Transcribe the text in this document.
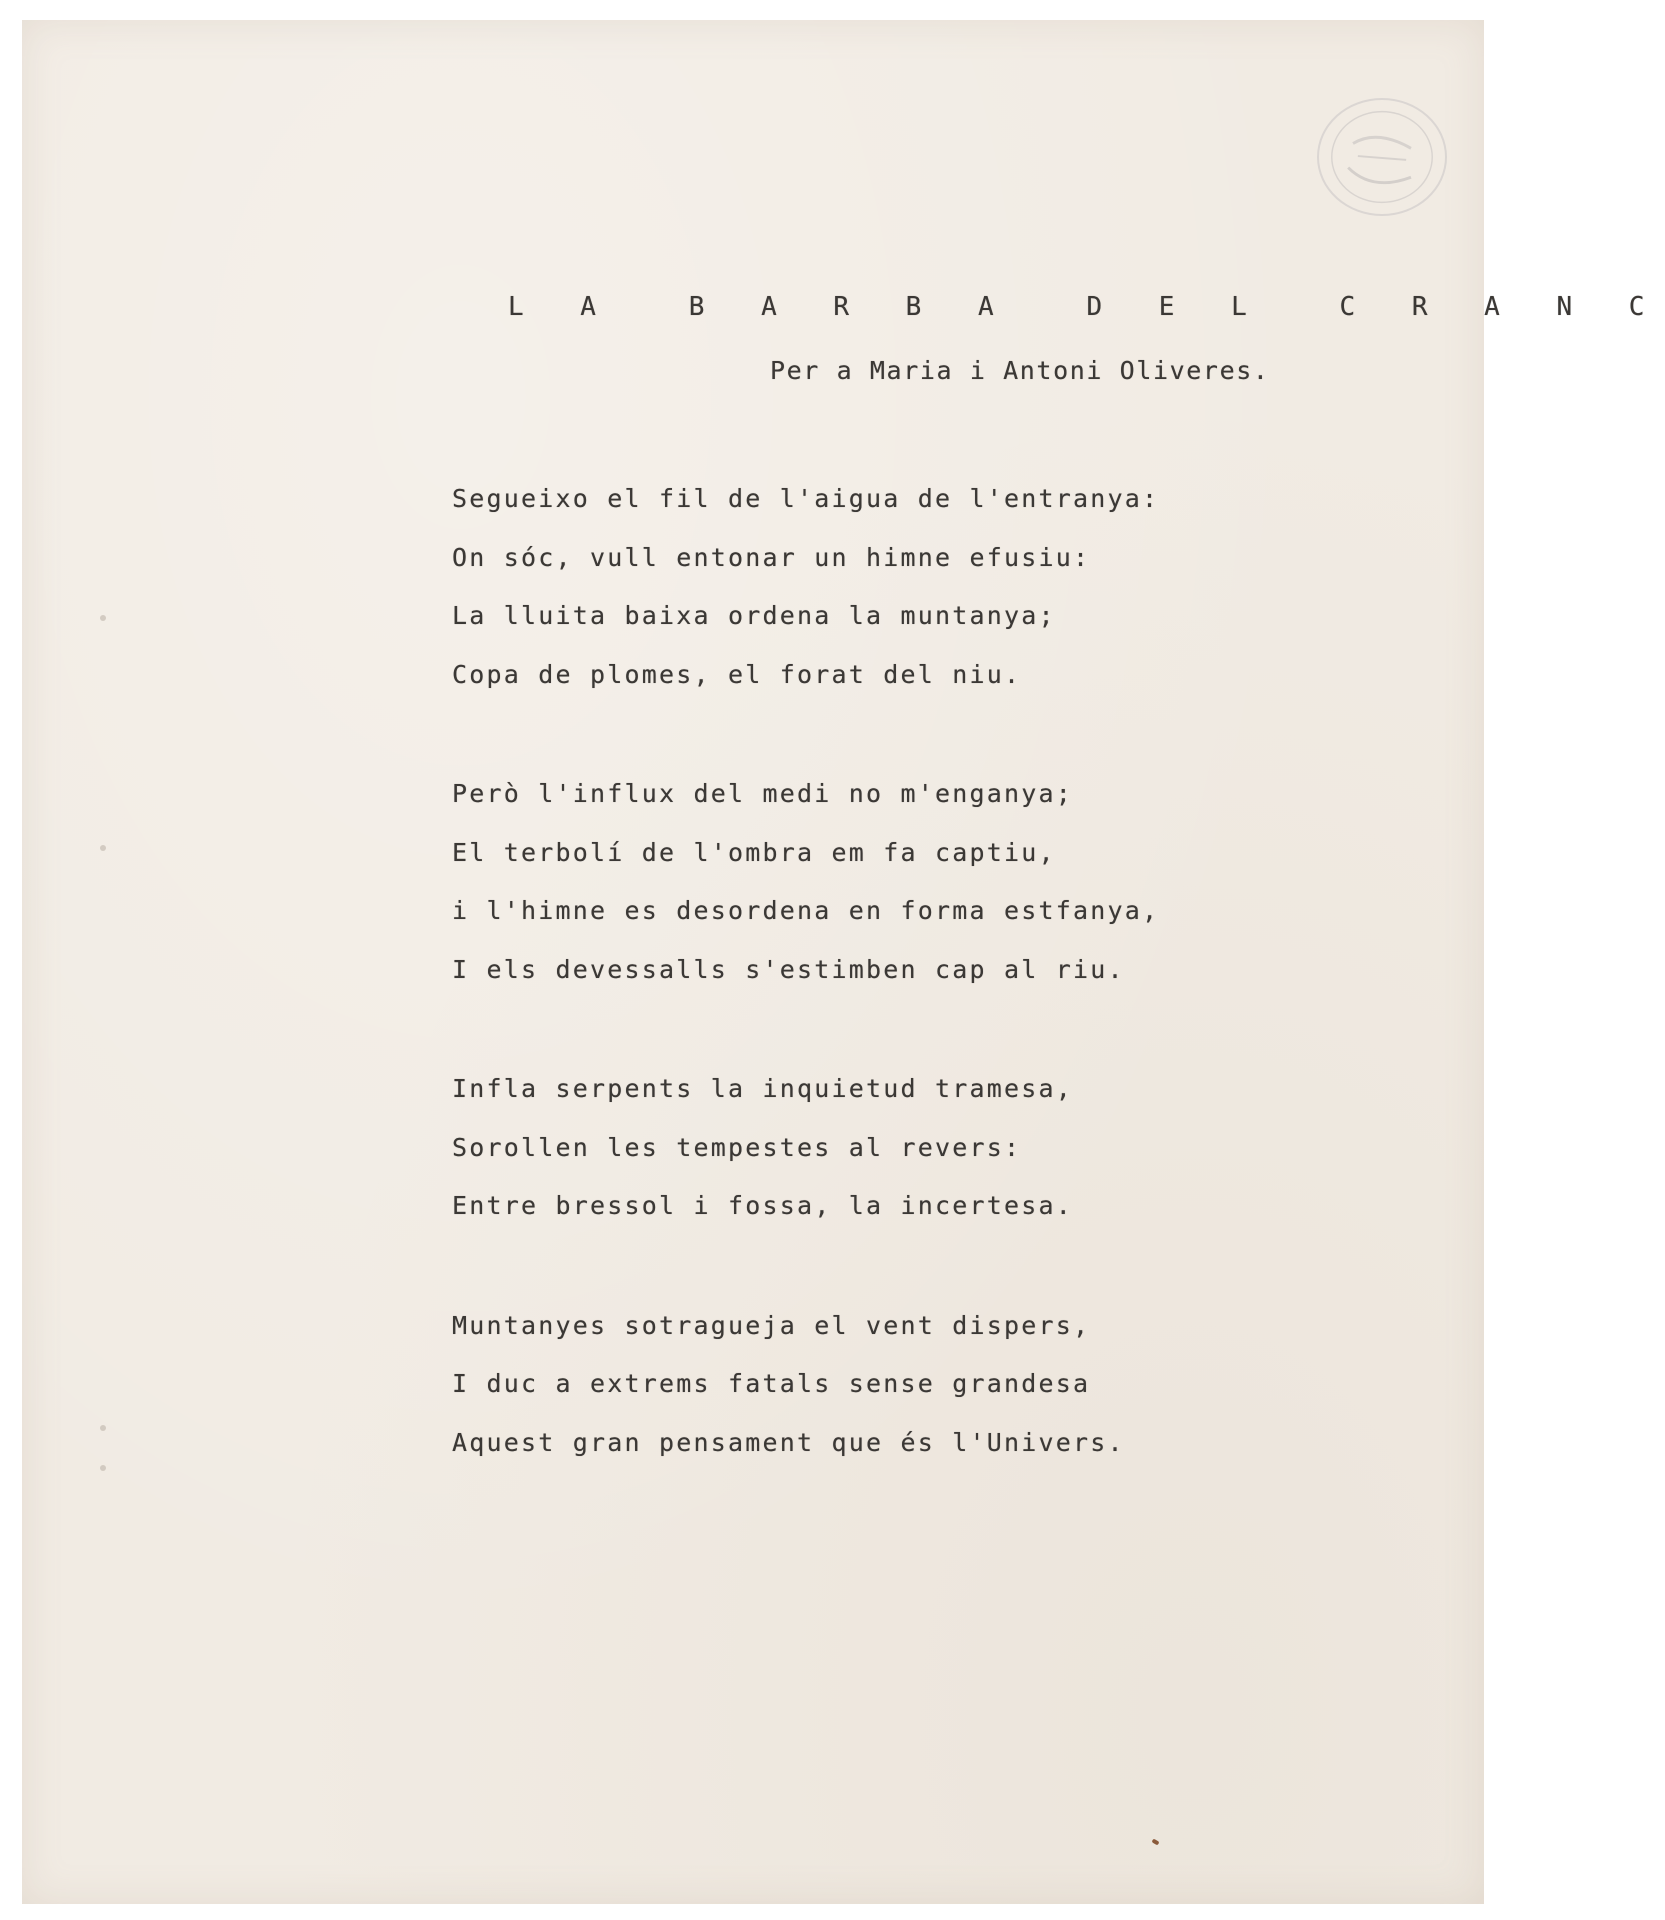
L A  B A R B A  D E L  C R A N C
Per a Maria i Antoni Oliveres.
Segueixo el fil de l'aigua de l'entranya:
On sóc, vull entonar un himne efusiu:
La lluita baixa ordena la muntanya;
Copa de plomes, el forat del niu.
Però l'influx del medi no m'enganya;
El terbolí de l'ombra em fa captiu,
i l'himne es desordena en forma estfanya,
I els devessalls s'estimben cap al riu.
Infla serpents la inquietud tramesa,
Sorollen les tempestes al revers:
Entre bressol i fossa, la incertesa.
Muntanyes sotragueja el vent dispers,
I duc a extrems fatals sense grandesa
Aquest gran pensament que és l'Univers.
